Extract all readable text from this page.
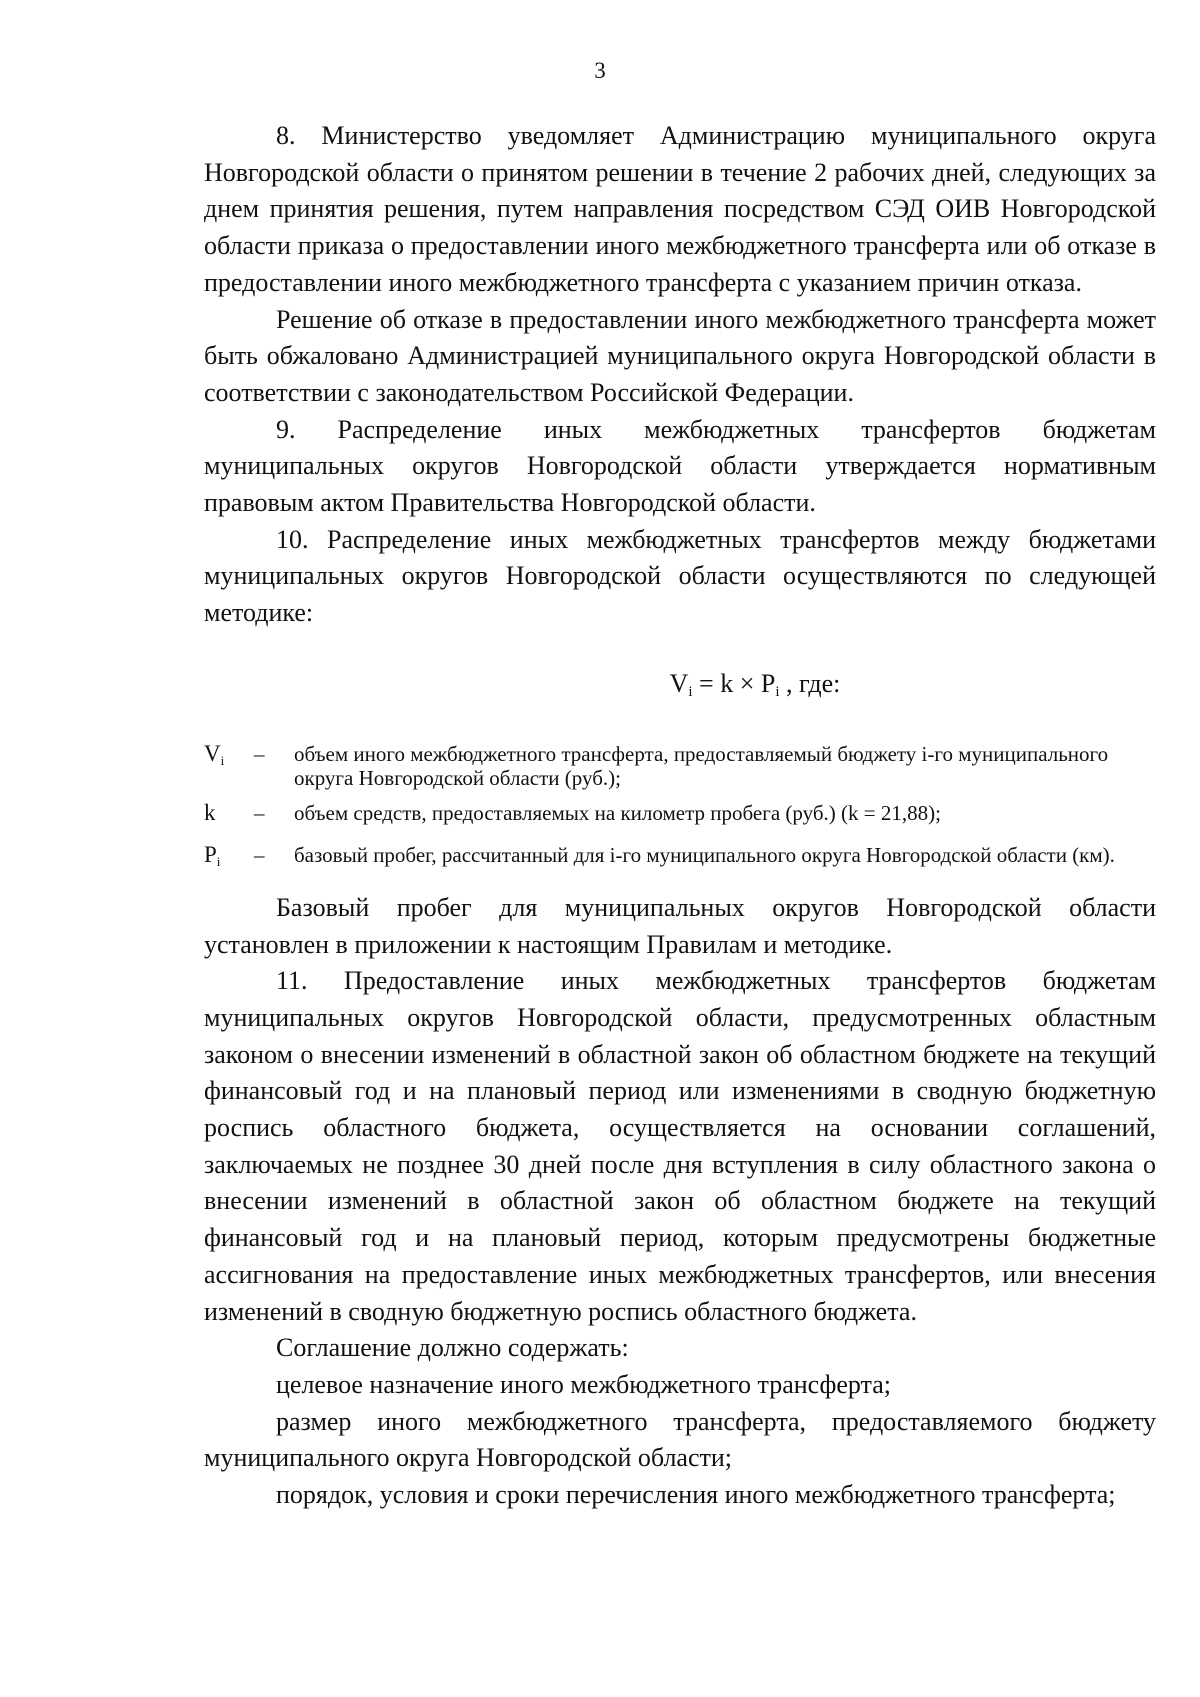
3

8. Министерство уведомляет Администрацию муниципального округа Новгородской области о принятом решении в течение 2 рабочих дней, следующих за днем принятия решения, путем направления посредством СЭД ОИВ Новгородской области приказа о предоставлении иного межбюджетного трансферта или об отказе в предоставлении иного межбюджетного трансферта с указанием причин отказа.

Решение об отказе в предоставлении иного межбюджетного трансферта может быть обжаловано Администрацией муниципального округа Новгородской области в соответствии с законодательством Российской Федерации.

9. Распределение иных межбюджетных трансфертов бюджетам муниципальных округов Новгородской области утверждается нормативным правовым актом Правительства Новгородской области.

10. Распределение иных межбюджетных трансфертов между бюджетами муниципальных округов Новгородской области осуществляются по следующей методике:

$V_i = k \times P_i$ , где:
$V_i$	–	объем иного межбюджетного трансферта, предоставляемый бюджету i-го муниципального округа Новгородской области (руб.);
k	–	объем средств, предоставляемых на километр пробега (руб.) (k = 21,88);
$P_i$	–	базовый пробег, рассчитанный для i-го муниципального округа Новгородской области (км).

Базовый пробег для муниципальных округов Новгородской области установлен в приложении к настоящим Правилам и методике.

11. Предоставление иных межбюджетных трансфертов бюджетам муниципальных округов Новгородской области, предусмотренных областным законом о внесении изменений в областной закон об областном бюджете на текущий финансовый год и на плановый период или изменениями в сводную бюджетную роспись областного бюджета, осуществляется на основании соглашений, заключаемых не позднее 30 дней после дня вступления в силу областного закона о внесении изменений в областной закон об областном бюджете на текущий финансовый год и на плановый период, которым предусмотрены бюджетные ассигнования на предоставление иных межбюджетных трансфертов, или внесения изменений в сводную бюджетную роспись областного бюджета.

Соглашение должно содержать:

целевое назначение иного межбюджетного трансферта;

размер иного межбюджетного трансферта, предоставляемого бюджету муниципального округа Новгородской области;

порядок, условия и сроки перечисления иного межбюджетного трансферта;
